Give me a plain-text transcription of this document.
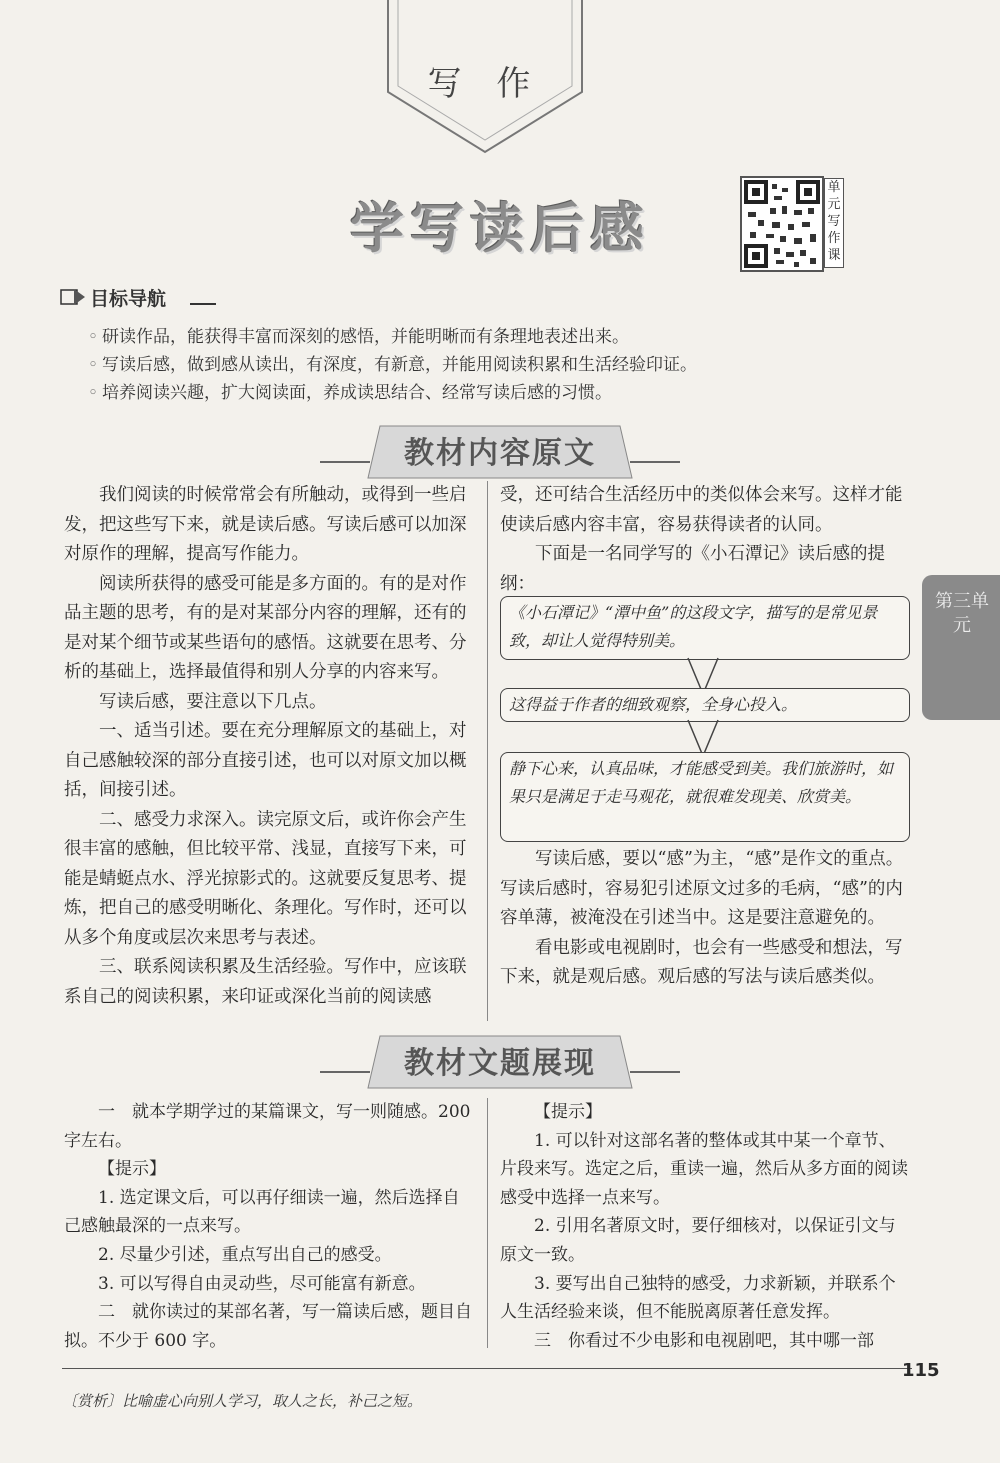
写 作
学写读后感
单元写作课
目标导航
◦ 研读作品，能获得丰富而深刻的感悟，并能明晰而有条理地表述出来。
◦ 写读后感，做到感从读出，有深度，有新意，并能用阅读积累和生活经验印证。
◦ 培养阅读兴趣，扩大阅读面，养成读思结合、经常写读后感的习惯。
教材内容原文

我们阅读的时候常常会有所触动，或得到一些启发，把这些写下来，就是读后感。写读后感可以加深对原作的理解，提高写作能力。

阅读所获得的感受可能是多方面的。有的是对作品主题的思考，有的是对某部分内容的理解，还有的是对某个细节或某些语句的感悟。这就要在思考、分析的基础上，选择最值得和别人分享的内容来写。

写读后感，要注意以下几点。

一、适当引述。要在充分理解原文的基础上，对自己感触较深的部分直接引述，也可以对原文加以概括，间接引述。

二、感受力求深入。读完原文后，或许你会产生很丰富的感触，但比较平常、浅显，直接写下来，可能是蜻蜓点水、浮光掠影式的。这就要反复思考、提炼，把自己的感受明晰化、条理化。写作时，还可以从多个角度或层次来思考与表述。

三、联系阅读积累及生活经验。写作中，应该联系自己的阅读积累，来印证或深化当前的阅读感

受，还可结合生活经历中的类似体会来写。这样才能使读后感内容丰富，容易获得读者的认同。

下面是一名同学写的《小石潭记》读后感的提纲：

《小石潭记》“潭中鱼”的这段文字，描写的是常见景致，却让人觉得特别美。
这得益于作者的细致观察，全身心投入。
静下心来，认真品味，才能感受到美。我们旅游时，如果只是满足于走马观花，就很难发现美、欣赏美。

写读后感，要以“感”为主，“感”是作文的重点。写读后感时，容易犯引述原文过多的毛病，“感”的内容单薄，被淹没在引述当中。这是要注意避免的。

看电影或电视剧时，也会有一些感受和想法，写下来，就是观后感。观后感的写法与读后感类似。

第三单元
教材文题展现

一　就本学期学过的某篇课文，写一则随感。200 字左右。

【提示】

1. 选定课文后，可以再仔细读一遍，然后选择自己感触最深的一点来写。

2. 尽量少引述，重点写出自己的感受。

3. 可以写得自由灵动些，尽可能富有新意。

二　就你读过的某部名著，写一篇读后感，题目自拟。不少于 600 字。

【提示】

1. 可以针对这部名著的整体或其中某一个章节、片段来写。选定之后，重读一遍，然后从多方面的阅读感受中选择一点来写。

2. 引用名著原文时，要仔细核对，以保证引文与原文一致。

3. 要写出自己独特的感受，力求新颖，并联系个人生活经验来谈，但不能脱离原著任意发挥。

三　你看过不少电影和电视剧吧，其中哪一部

115
〔赏析〕比喻虚心向别人学习，取人之长，补己之短。
